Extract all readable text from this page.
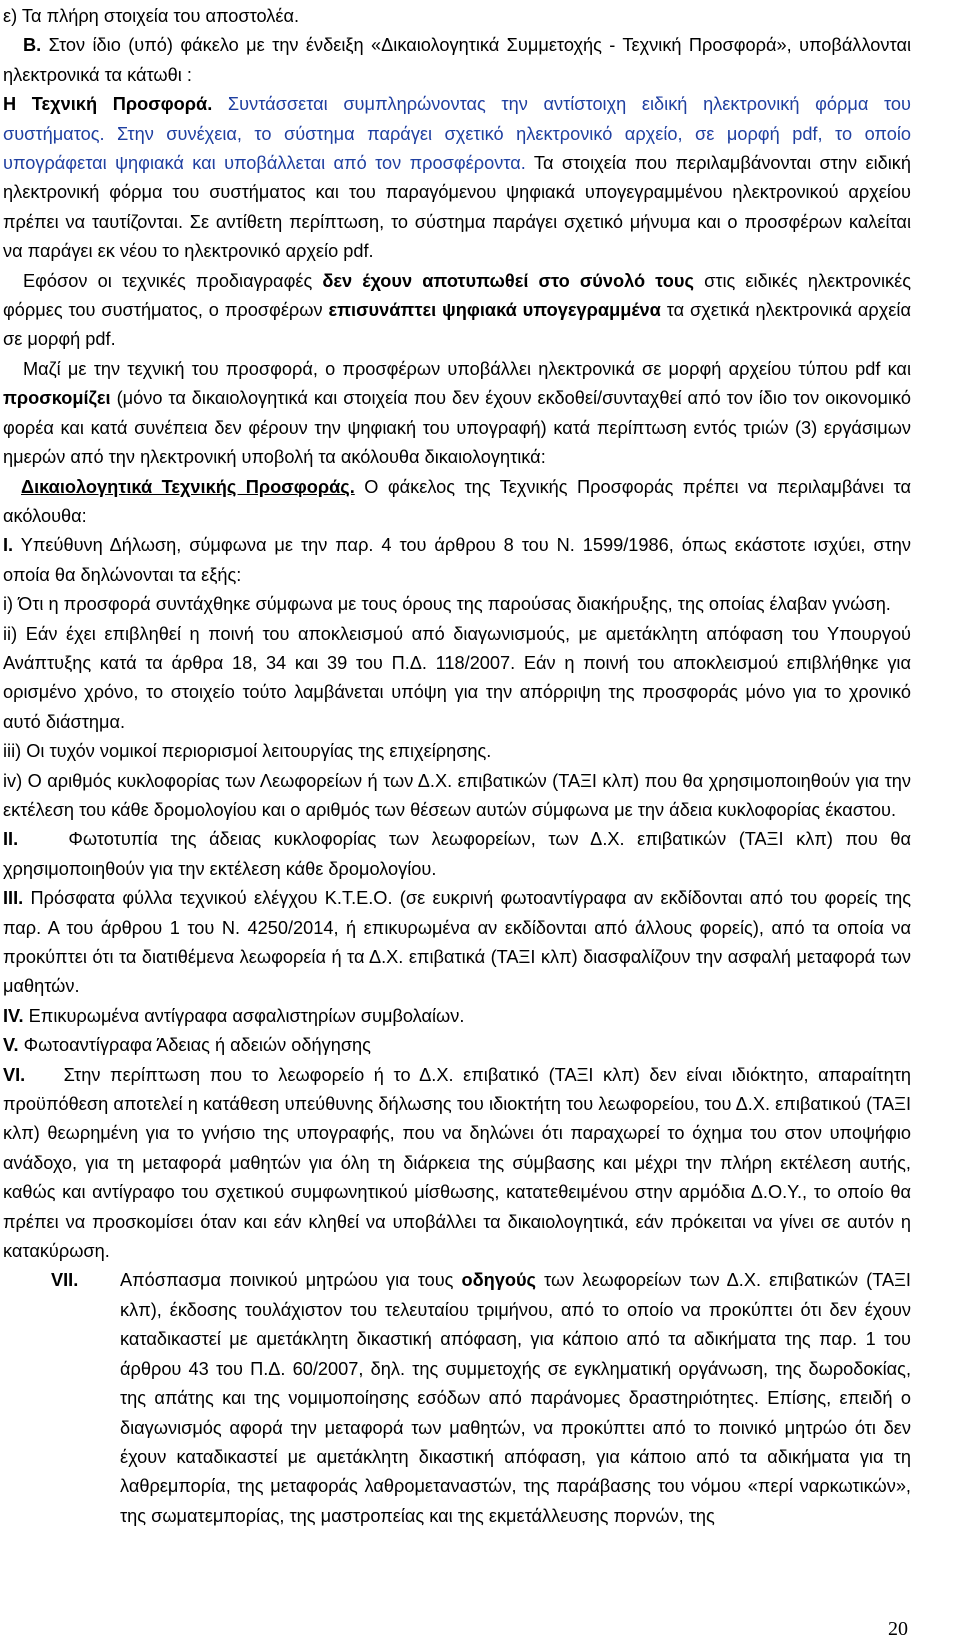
ε) Τα πλήρη στοιχεία του αποστολέα.

Β. Στον ίδιο (υπό) φάκελο με την ένδειξη «Δικαιολογητικά Συμμετοχής - Τεχνική Προσφορά», υποβάλλονται ηλεκτρονικά τα κάτωθι :

Η Τεχνική Προσφορά. Συντάσσεται συμπληρώνοντας την αντίστοιχη ειδική ηλεκτρονική φόρμα του συστήματος. Στην συνέχεια, το σύστημα παράγει σχετικό ηλεκτρονικό αρχείο, σε μορφή pdf, το οποίο υπογράφεται ψηφιακά και υποβάλλεται από τον προσφέροντα. Τα στοιχεία που περιλαμβάνονται στην ειδική ηλεκτρονική φόρμα του συστήματος και του παραγόμενου ψηφιακά υπογεγραμμένου ηλεκτρονικού αρχείου πρέπει να ταυτίζονται. Σε αντίθετη περίπτωση, το σύστημα παράγει σχετικό μήνυμα και ο προσφέρων καλείται να παράγει εκ νέου το ηλεκτρονικό αρχείο pdf.

Εφόσον οι τεχνικές προδιαγραφές δεν έχουν αποτυπωθεί στο σύνολό τους στις ειδικές ηλεκτρονικές φόρμες του συστήματος, ο προσφέρων επισυνάπτει ψηφιακά υπογεγραμμένα τα σχετικά ηλεκτρονικά αρχεία σε μορφή pdf.

Μαζί με την τεχνική του προσφορά, ο προσφέρων υποβάλλει ηλεκτρονικά σε μορφή αρχείου τύπου pdf και προσκομίζει (μόνο τα δικαιολογητικά και στοιχεία που δεν έχουν εκδοθεί/συνταχθεί από τον ίδιο τον οικονομικό φορέα και κατά συνέπεια δεν φέρουν την ψηφιακή του υπογραφή) κατά περίπτωση εντός τριών (3) εργάσιμων ημερών από την ηλεκτρονική υποβολή τα ακόλουθα δικαιολογητικά:

Δικαιολογητικά Τεχνικής Προσφοράς. Ο φάκελος της Τεχνικής Προσφοράς πρέπει να περιλαμβάνει τα ακόλουθα:

Ι. Υπεύθυνη Δήλωση, σύμφωνα με την παρ. 4 του άρθρου 8 του Ν. 1599/1986, όπως εκάστοτε ισχύει, στην οποία θα δηλώνονται τα εξής:

i) Ότι η προσφορά συντάχθηκε σύμφωνα με τους όρους της παρούσας διακήρυξης, της οποίας έλαβαν γνώση.

ii) Εάν έχει επιβληθεί η ποινή του αποκλεισμού από διαγωνισμούς, με αμετάκλητη απόφαση του Υπουργού Ανάπτυξης κατά τα άρθρα 18, 34 και 39 του Π.Δ. 118/2007. Εάν η ποινή του αποκλεισμού επιβλήθηκε για ορισμένο χρόνο, το στοιχείο τούτο λαμβάνεται υπόψη για την απόρριψη της προσφοράς μόνο για το χρονικό αυτό διάστημα.

iii) Οι τυχόν νομικοί περιορισμοί λειτουργίας της επιχείρησης.

iv) Ο αριθμός κυκλοφορίας των Λεωφορείων ή των Δ.Χ. επιβατικών (ΤΑΞΙ κλπ) που θα χρησιμοποιηθούν για την εκτέλεση του κάθε δρομολογίου και ο αριθμός των θέσεων αυτών σύμφωνα με την άδεια κυκλοφορίας έκαστου.

ΙΙ.	Φωτοτυπία της άδειας κυκλοφορίας των λεωφορείων, των Δ.Χ. επιβατικών (ΤΑΞΙ κλπ) που θα χρησιμοποιηθούν για την εκτέλεση κάθε δρομολογίου.

ΙΙΙ. Πρόσφατα φύλλα τεχνικού ελέγχου Κ.Τ.Ε.Ο. (σε ευκρινή φωτοαντίγραφα αν εκδίδονται από του φορείς της παρ. Α του άρθρου 1 του Ν. 4250/2014, ή επικυρωμένα αν εκδίδονται από άλλους φορείς), από τα οποία να προκύπτει ότι τα διατιθέμενα λεωφορεία ή τα Δ.Χ. επιβατικά (ΤΑΞΙ κλπ) διασφαλίζουν την ασφαλή μεταφορά των μαθητών.

IV. Επικυρωμένα αντίγραφα ασφαλιστηρίων συμβολαίων.

V. Φωτοαντίγραφα Άδειας ή αδειών οδήγησης

VI. Στην περίπτωση που το λεωφορείο ή το Δ.Χ. επιβατικό (ΤΑΞΙ κλπ) δεν είναι ιδιόκτητο, απαραίτητη προϋπόθεση αποτελεί η κατάθεση υπεύθυνης δήλωσης του ιδιοκτήτη του λεωφορείου, του Δ.Χ. επιβατικού (ΤΑΞΙ κλπ) θεωρημένη για το γνήσιο της υπογραφής, που να δηλώνει ότι παραχωρεί το όχημα του στον υποψήφιο ανάδοχο, για τη μεταφορά μαθητών για όλη τη διάρκεια της σύμβασης και μέχρι την πλήρη εκτέλεση αυτής, καθώς και αντίγραφο του σχετικού συμφωνητικού μίσθωσης, κατατεθειμένου στην αρμόδια Δ.Ο.Υ., το οποίο θα πρέπει να προσκομίσει όταν και εάν κληθεί να υποβάλλει τα δικαιολογητικά, εάν πρόκειται να γίνει σε αυτόν η κατακύρωση.

VII.	Απόσπασμα ποινικού μητρώου για τους οδηγούς των λεωφορείων των Δ.Χ. επιβατικών (ΤΑΞΙ κλπ), έκδοσης τουλάχιστον του τελευταίου τριμήνου, από το οποίο να προκύπτει ότι δεν έχουν καταδικαστεί με αμετάκλητη δικαστική απόφαση, για κάποιο από τα αδικήματα της παρ. 1 του άρθρου 43 του Π.Δ. 60/2007, δηλ. της συμμετοχής σε εγκληματική οργάνωση, της δωροδοκίας, της απάτης και της νομιμοποίησης εσόδων από παράνομες δραστηριότητες. Επίσης, επειδή ο διαγωνισμός αφορά την μεταφορά των μαθητών, να προκύπτει από το ποινικό μητρώο ότι δεν έχουν καταδικαστεί με αμετάκλητη δικαστική απόφαση, για κάποιο από τα αδικήματα για τη λαθρεμπορία, της μεταφοράς λαθρομεταναστών, της παράβασης του νόμου «περί ναρκωτικών», της σωματεμπορίας, της μαστροπείας και της εκμετάλλευσης πορνών, της
20
